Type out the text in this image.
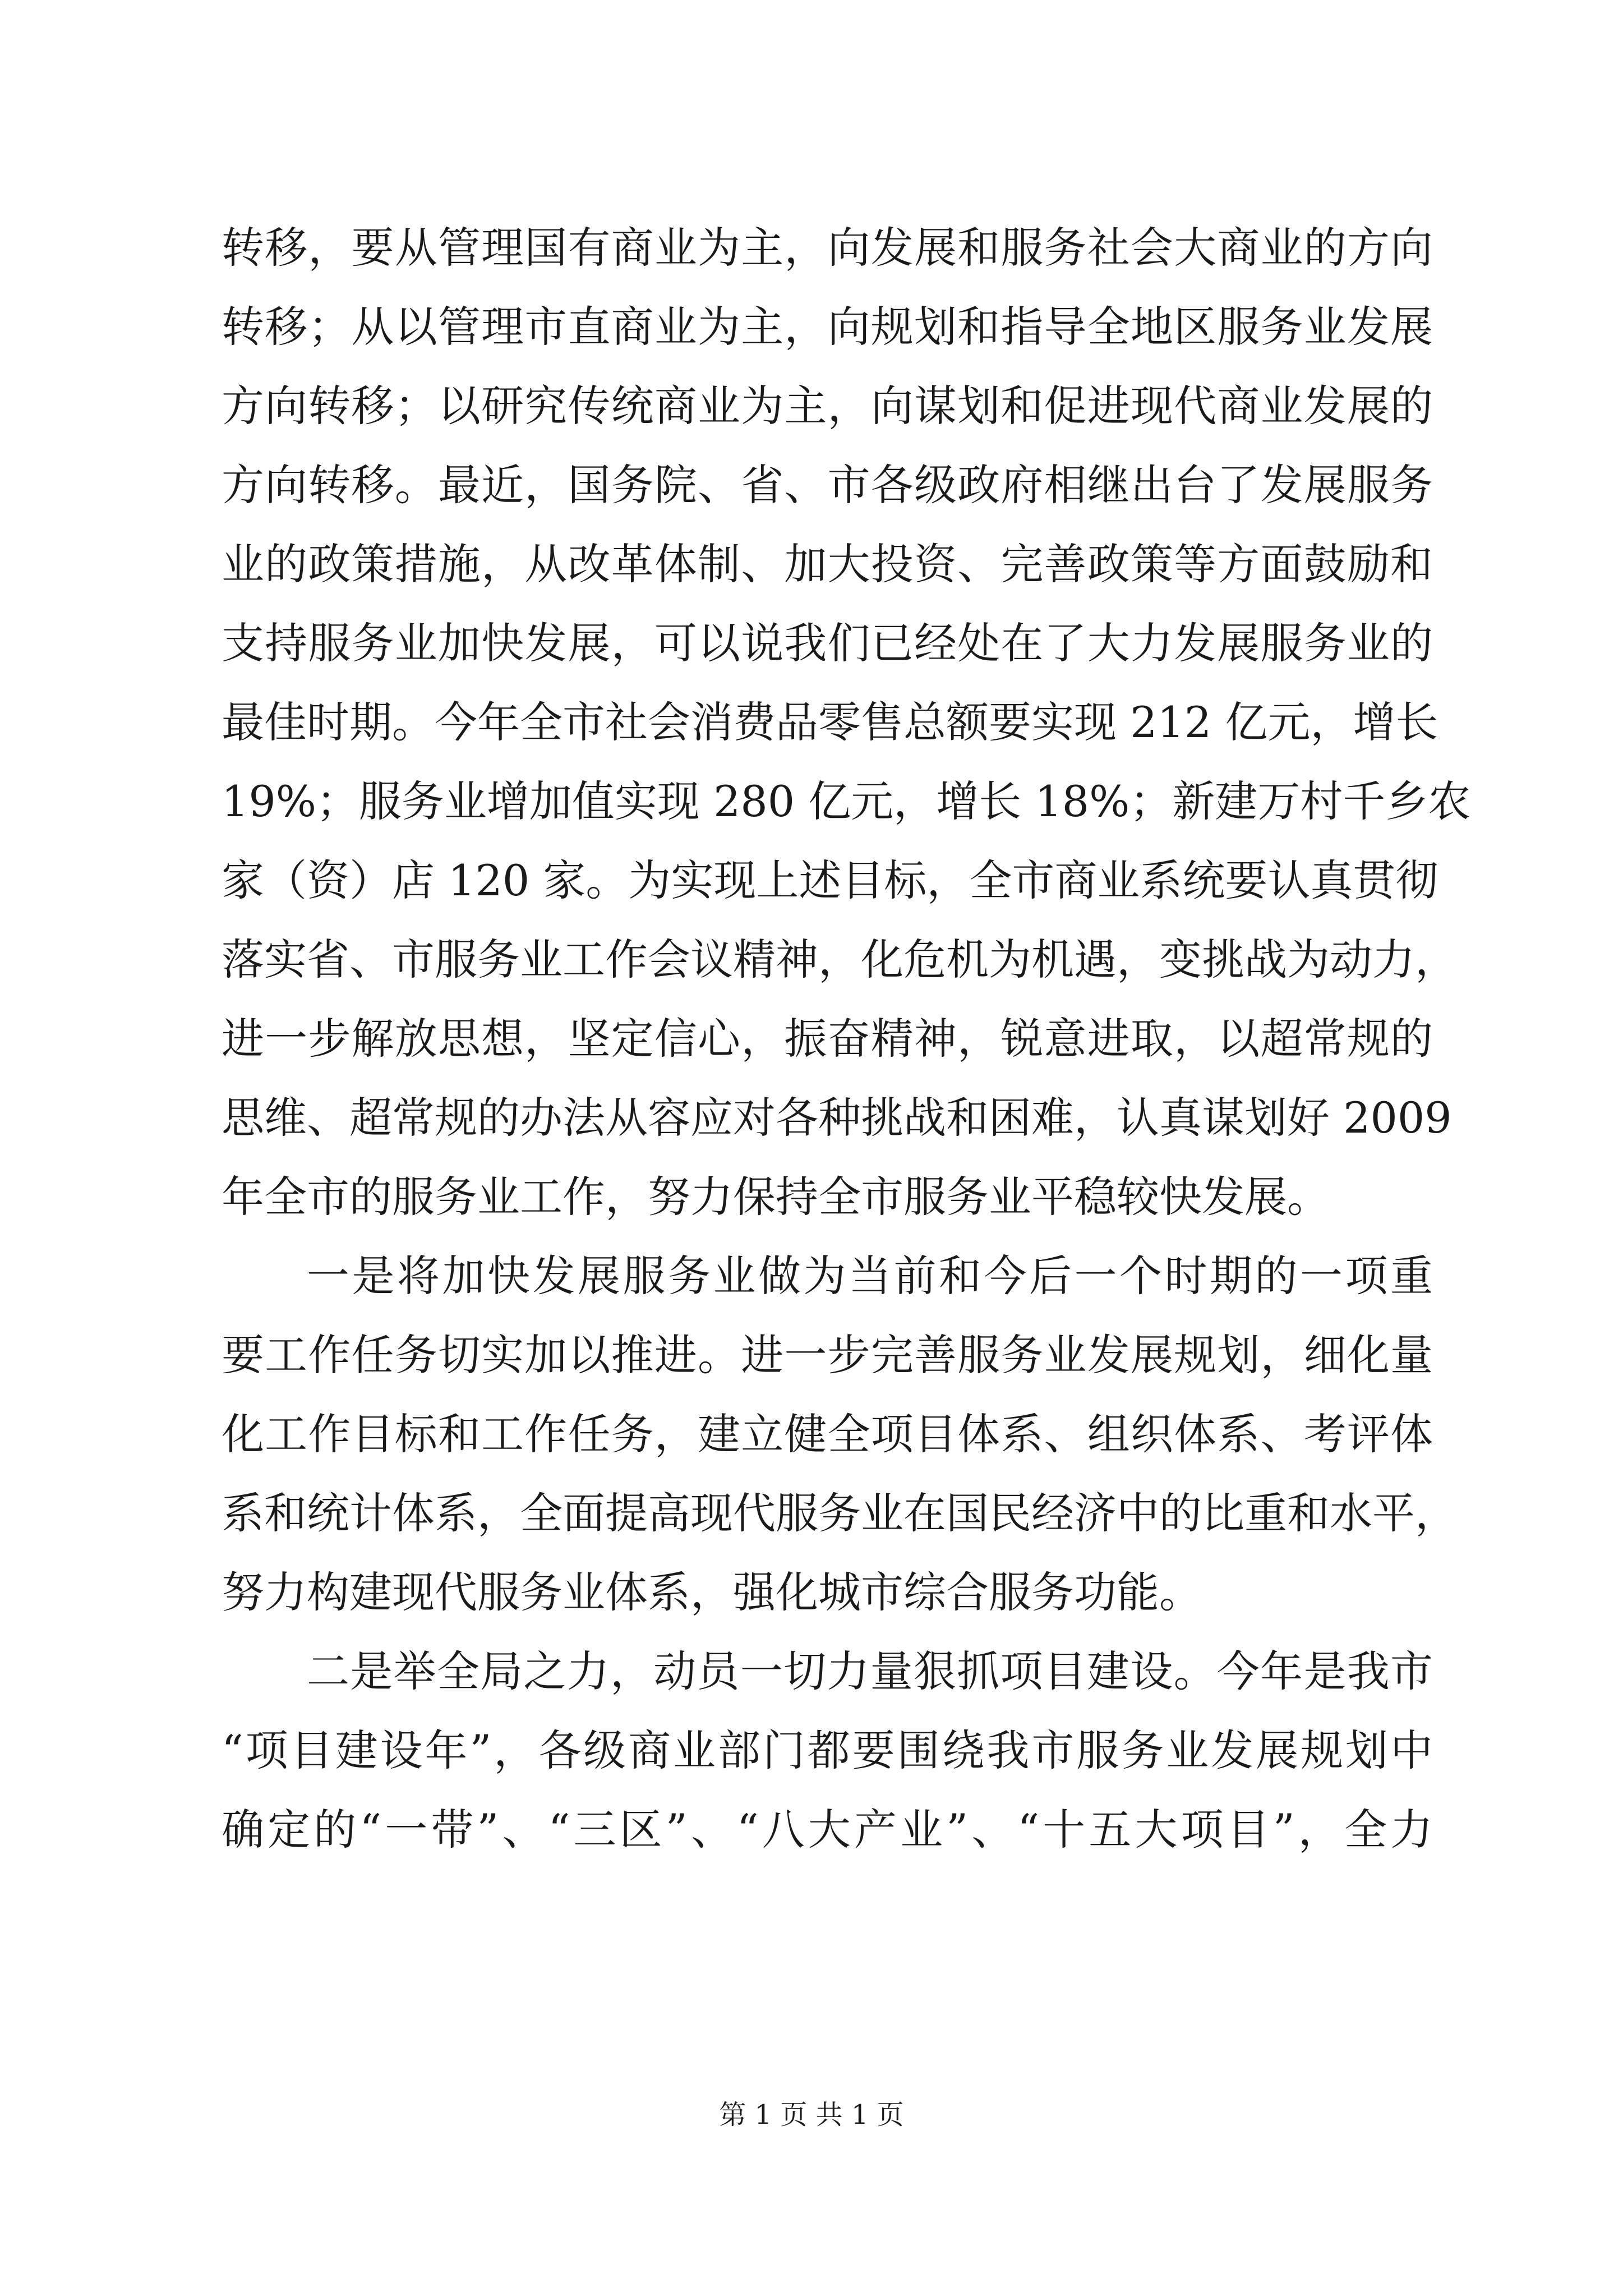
转移，要从管理国有商业为主，向发展和服务社会大商业的方向
转移；从以管理市直商业为主，向规划和指导全地区服务业发展
方向转移；以研究传统商业为主，向谋划和促进现代商业发展的
方向转移。最近，国务院、省、市各级政府相继出台了发展服务
业的政策措施，从改革体制、加大投资、完善政策等方面鼓励和
支持服务业加快发展，可以说我们已经处在了大力发展服务业的
最佳时期。今年全市社会消费品零售总额要实现 212 亿元，增长
19%；服务业增加值实现 280 亿元，增长 18%；新建万村千乡农
家（资）店 120 家。为实现上述目标，全市商业系统要认真贯彻
落实省、市服务业工作会议精神，化危机为机遇，变挑战为动力，
进一步解放思想，坚定信心，振奋精神，锐意进取，以超常规的
思维、超常规的办法从容应对各种挑战和困难，认真谋划好 2009
年全市的服务业工作，努力保持全市服务业平稳较快发展。
一是将加快发展服务业做为当前和今后一个时期的一项重
要工作任务切实加以推进。进一步完善服务业发展规划，细化量
化工作目标和工作任务，建立健全项目体系、组织体系、考评体
系和统计体系，全面提高现代服务业在国民经济中的比重和水平，
努力构建现代服务业体系，强化城市综合服务功能。
二是举全局之力，动员一切力量狠抓项目建设。今年是我市
“项目建设年”，各级商业部门都要围绕我市服务业发展规划中
确定的“一带”、“三区”、“八大产业”、“十五大项目”，全力
第 1 页 共 1 页
